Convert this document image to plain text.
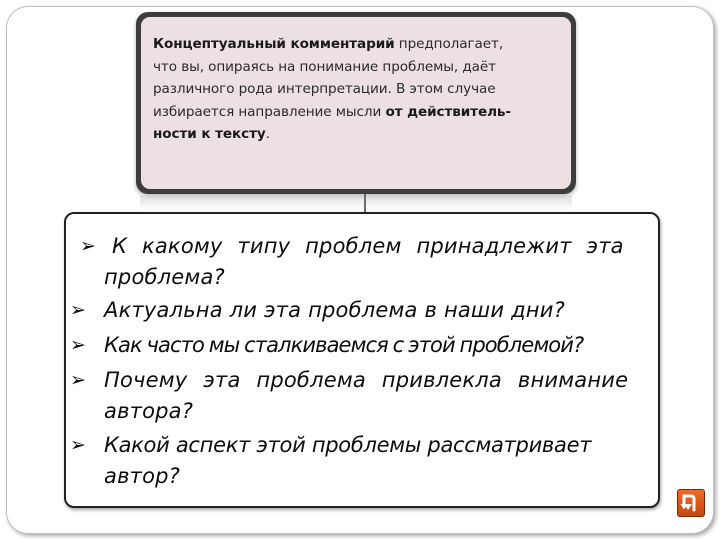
Концептуальный комментарий предполагает,
что вы, опираясь на понимание проблемы, даёт
различного рода интерпретации. В этом случае
избирается направление мысли от действитель-
ности к тексту.
➢ К какому типу проблем принадлежит эта
проблема?
➢ Актуальна ли эта проблема в наши дни?
➢ Как часто мы сталкиваемся с этой проблемой?
➢ Почему эта проблема привлекла внимание
автора?
➢ Какой аспект этой проблемы рассматривает
автор?
